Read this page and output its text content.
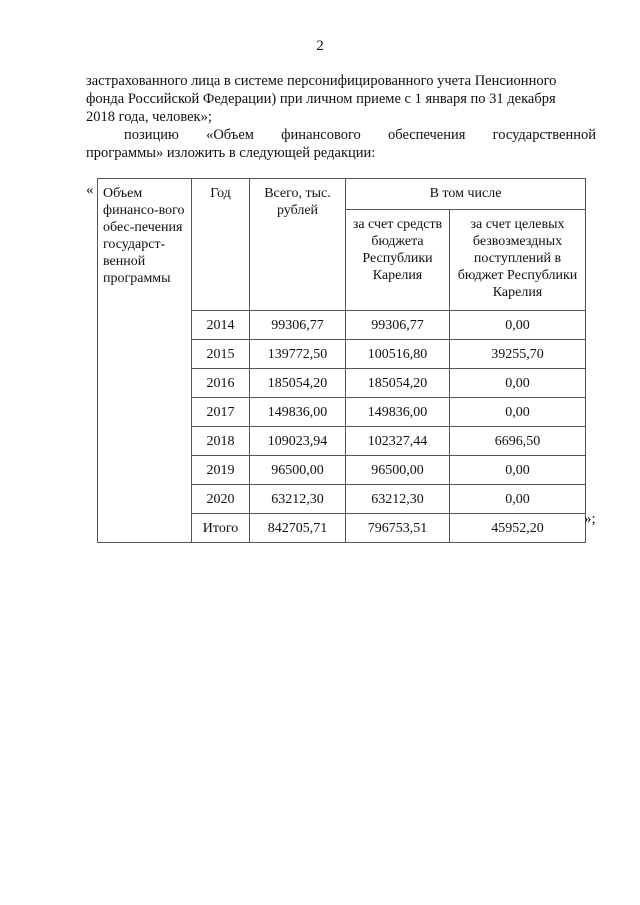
2
застрахованного лица в системе персонифицированного учета Пенсионного
фонда Российской Федерации) при личном приеме с 1 января по 31 декабря
2018 года, человек»;
позицию «Объем финансового обеспечения государственной
программы» изложить в следующей редакции:
« Объем финансо-вого обес-печения государст-венной программы	Год	Всего, тыс. рублей	В том числе	
			за счет средств бюджета Республики Карелия	за счет целевых безвозмездных поступлений в бюджет Республики Карелия
	2014	99306,77	99306,77	0,00
	2015	139772,50	100516,80	39255,70
	2016	185054,20	185054,20	0,00
	2017	149836,00	149836,00	0,00
	2018	109023,94	102327,44	6696,50
	2019	96500,00	96500,00	0,00
	2020	63212,30	63212,30	0,00
	Итого	842705,71	796753,51	45952,20
»;
